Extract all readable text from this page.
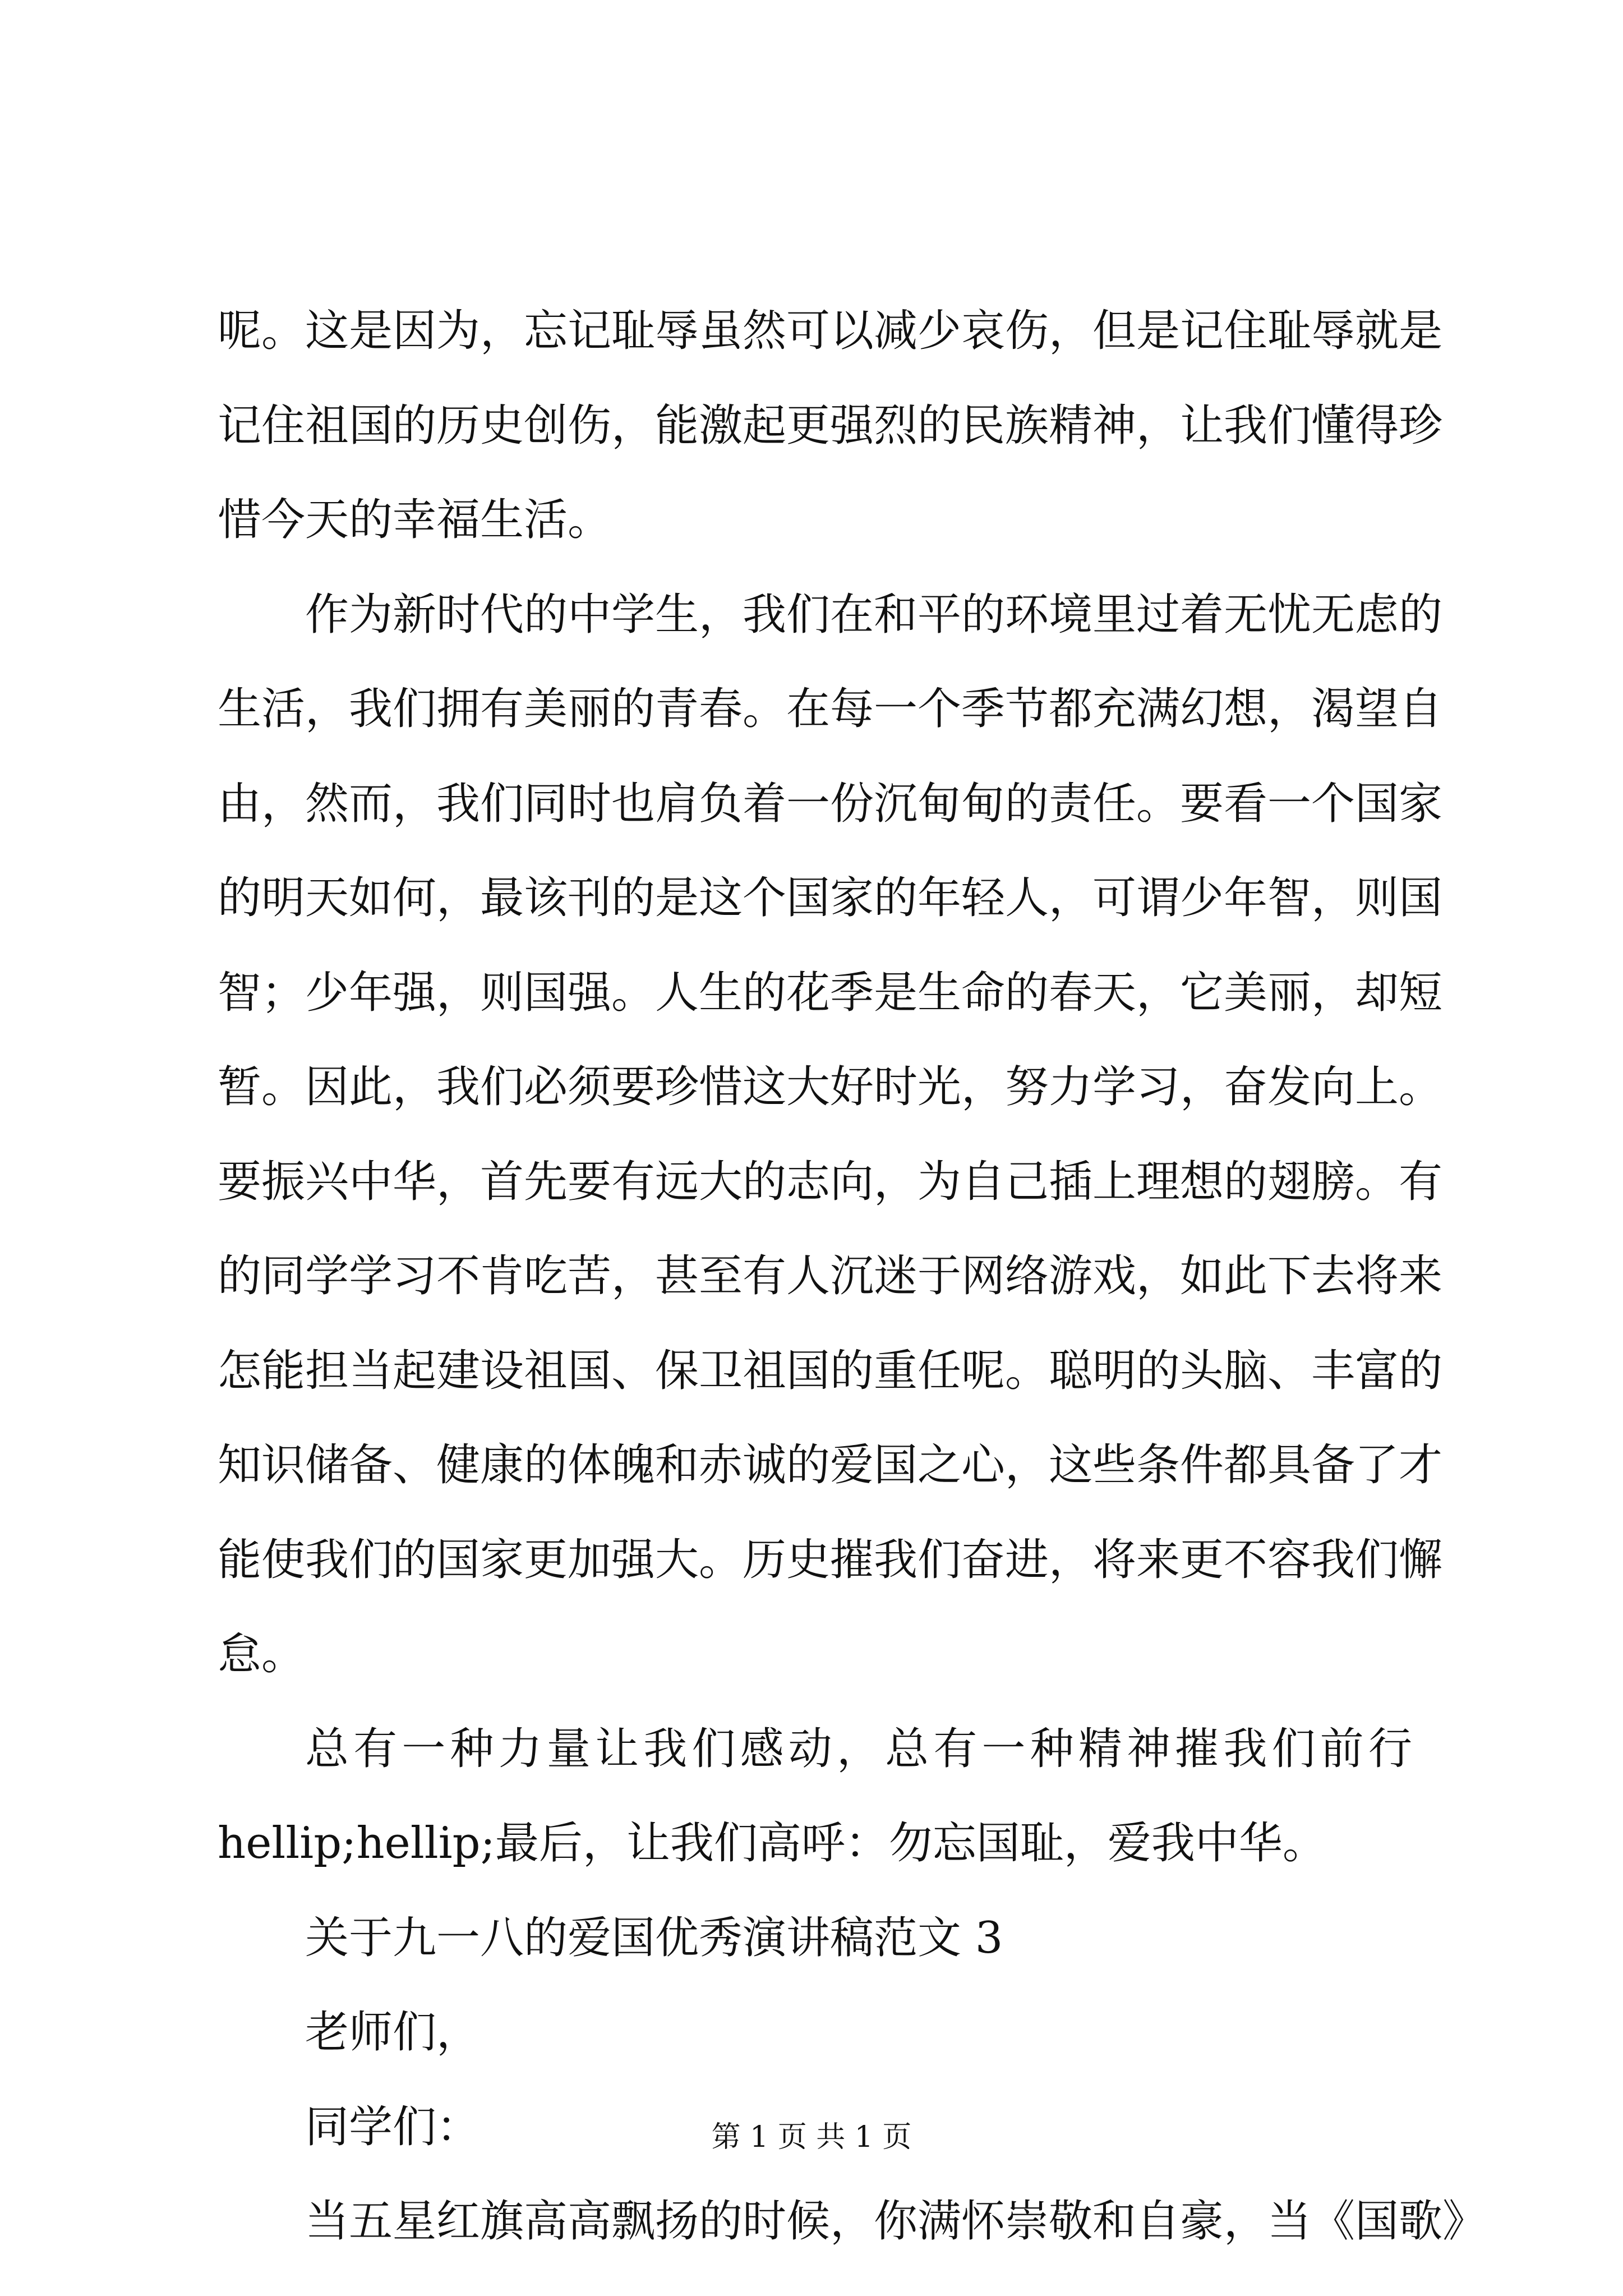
呢。这是因为，忘记耻辱虽然可以减少哀伤，但是记住耻辱就是
记住祖国的历史创伤，能激起更强烈的民族精神，让我们懂得珍
惜今天的幸福生活。
作为新时代的中学生，我们在和平的环境里过着无忧无虑的
生活，我们拥有美丽的青春。在每一个季节都充满幻想，渴望自
由，然而，我们同时也肩负着一份沉甸甸的责任。要看一个国家
的明天如何，最该刊的是这个国家的年轻人，可谓少年智，则国
智；少年强，则国强。人生的花季是生命的春天，它美丽，却短
暂。因此，我们必须要珍惜这大好时光，努力学习，奋发向上。
要振兴中华，首先要有远大的志向，为自己插上理想的翅膀。有
的同学学习不肯吃苦，甚至有人沉迷于网络游戏，如此下去将来
怎能担当起建设祖国、保卫祖国的重任呢。聪明的头脑、丰富的
知识储备、健康的体魄和赤诚的爱国之心，这些条件都具备了才
能使我们的国家更加强大。历史摧我们奋进，将来更不容我们懈
怠。
总有一种力量让我们感动，总有一种精神摧我们前行
hellip;hellip;最后，让我们高呼：勿忘国耻，爱我中华。
关于九一八的爱国优秀演讲稿范文 3
老师们，
同学们：
当五星红旗高高飘扬的时候，你满怀崇敬和自豪，当《国歌》
第 1 页 共 1 页
